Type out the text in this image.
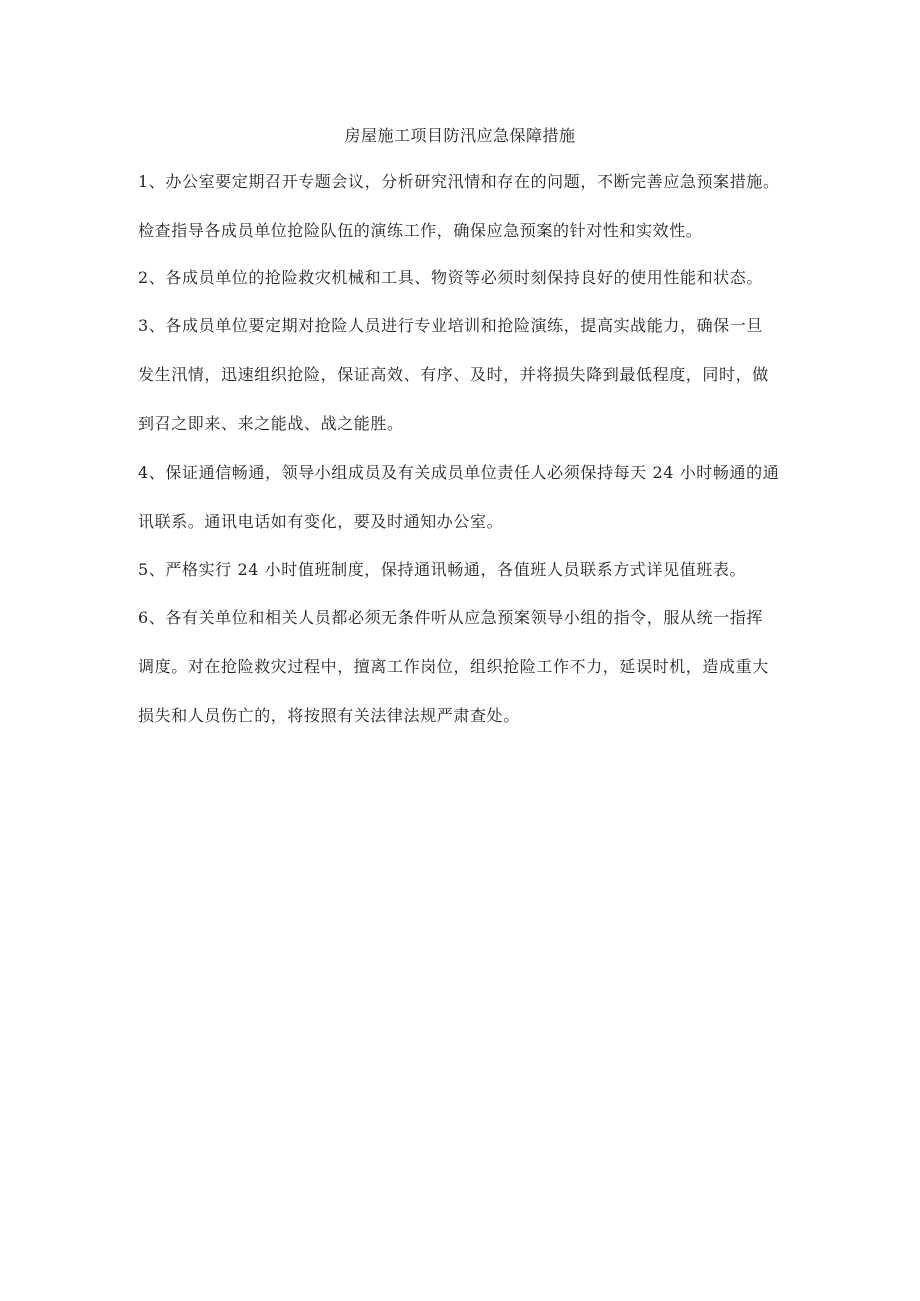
房屋施工项目防汛应急保障措施
1、办公室要定期召开专题会议，分析研究汛情和存在的问题，不断完善应急预案措施。
检查指导各成员单位抢险队伍的演练工作，确保应急预案的针对性和实效性。
2、各成员单位的抢险救灾机械和工具、物资等必须时刻保持良好的使用性能和状态。
3、各成员单位要定期对抢险人员进行专业培训和抢险演练，提高实战能力，确保一旦
发生汛情，迅速组织抢险，保证高效、有序、及时，并将损失降到最低程度，同时，做
到召之即来、来之能战、战之能胜。
4、保证通信畅通，领导小组成员及有关成员单位责任人必须保持每天 24 小时畅通的通
讯联系。通讯电话如有变化，要及时通知办公室。
5、严格实行 24 小时值班制度，保持通讯畅通，各值班人员联系方式详见值班表。
6、各有关单位和相关人员都必须无条件听从应急预案领导小组的指令，服从统一指挥
调度。对在抢险救灾过程中，擅离工作岗位，组织抢险工作不力，延误时机，造成重大
损失和人员伤亡的，将按照有关法律法规严肃查处。
